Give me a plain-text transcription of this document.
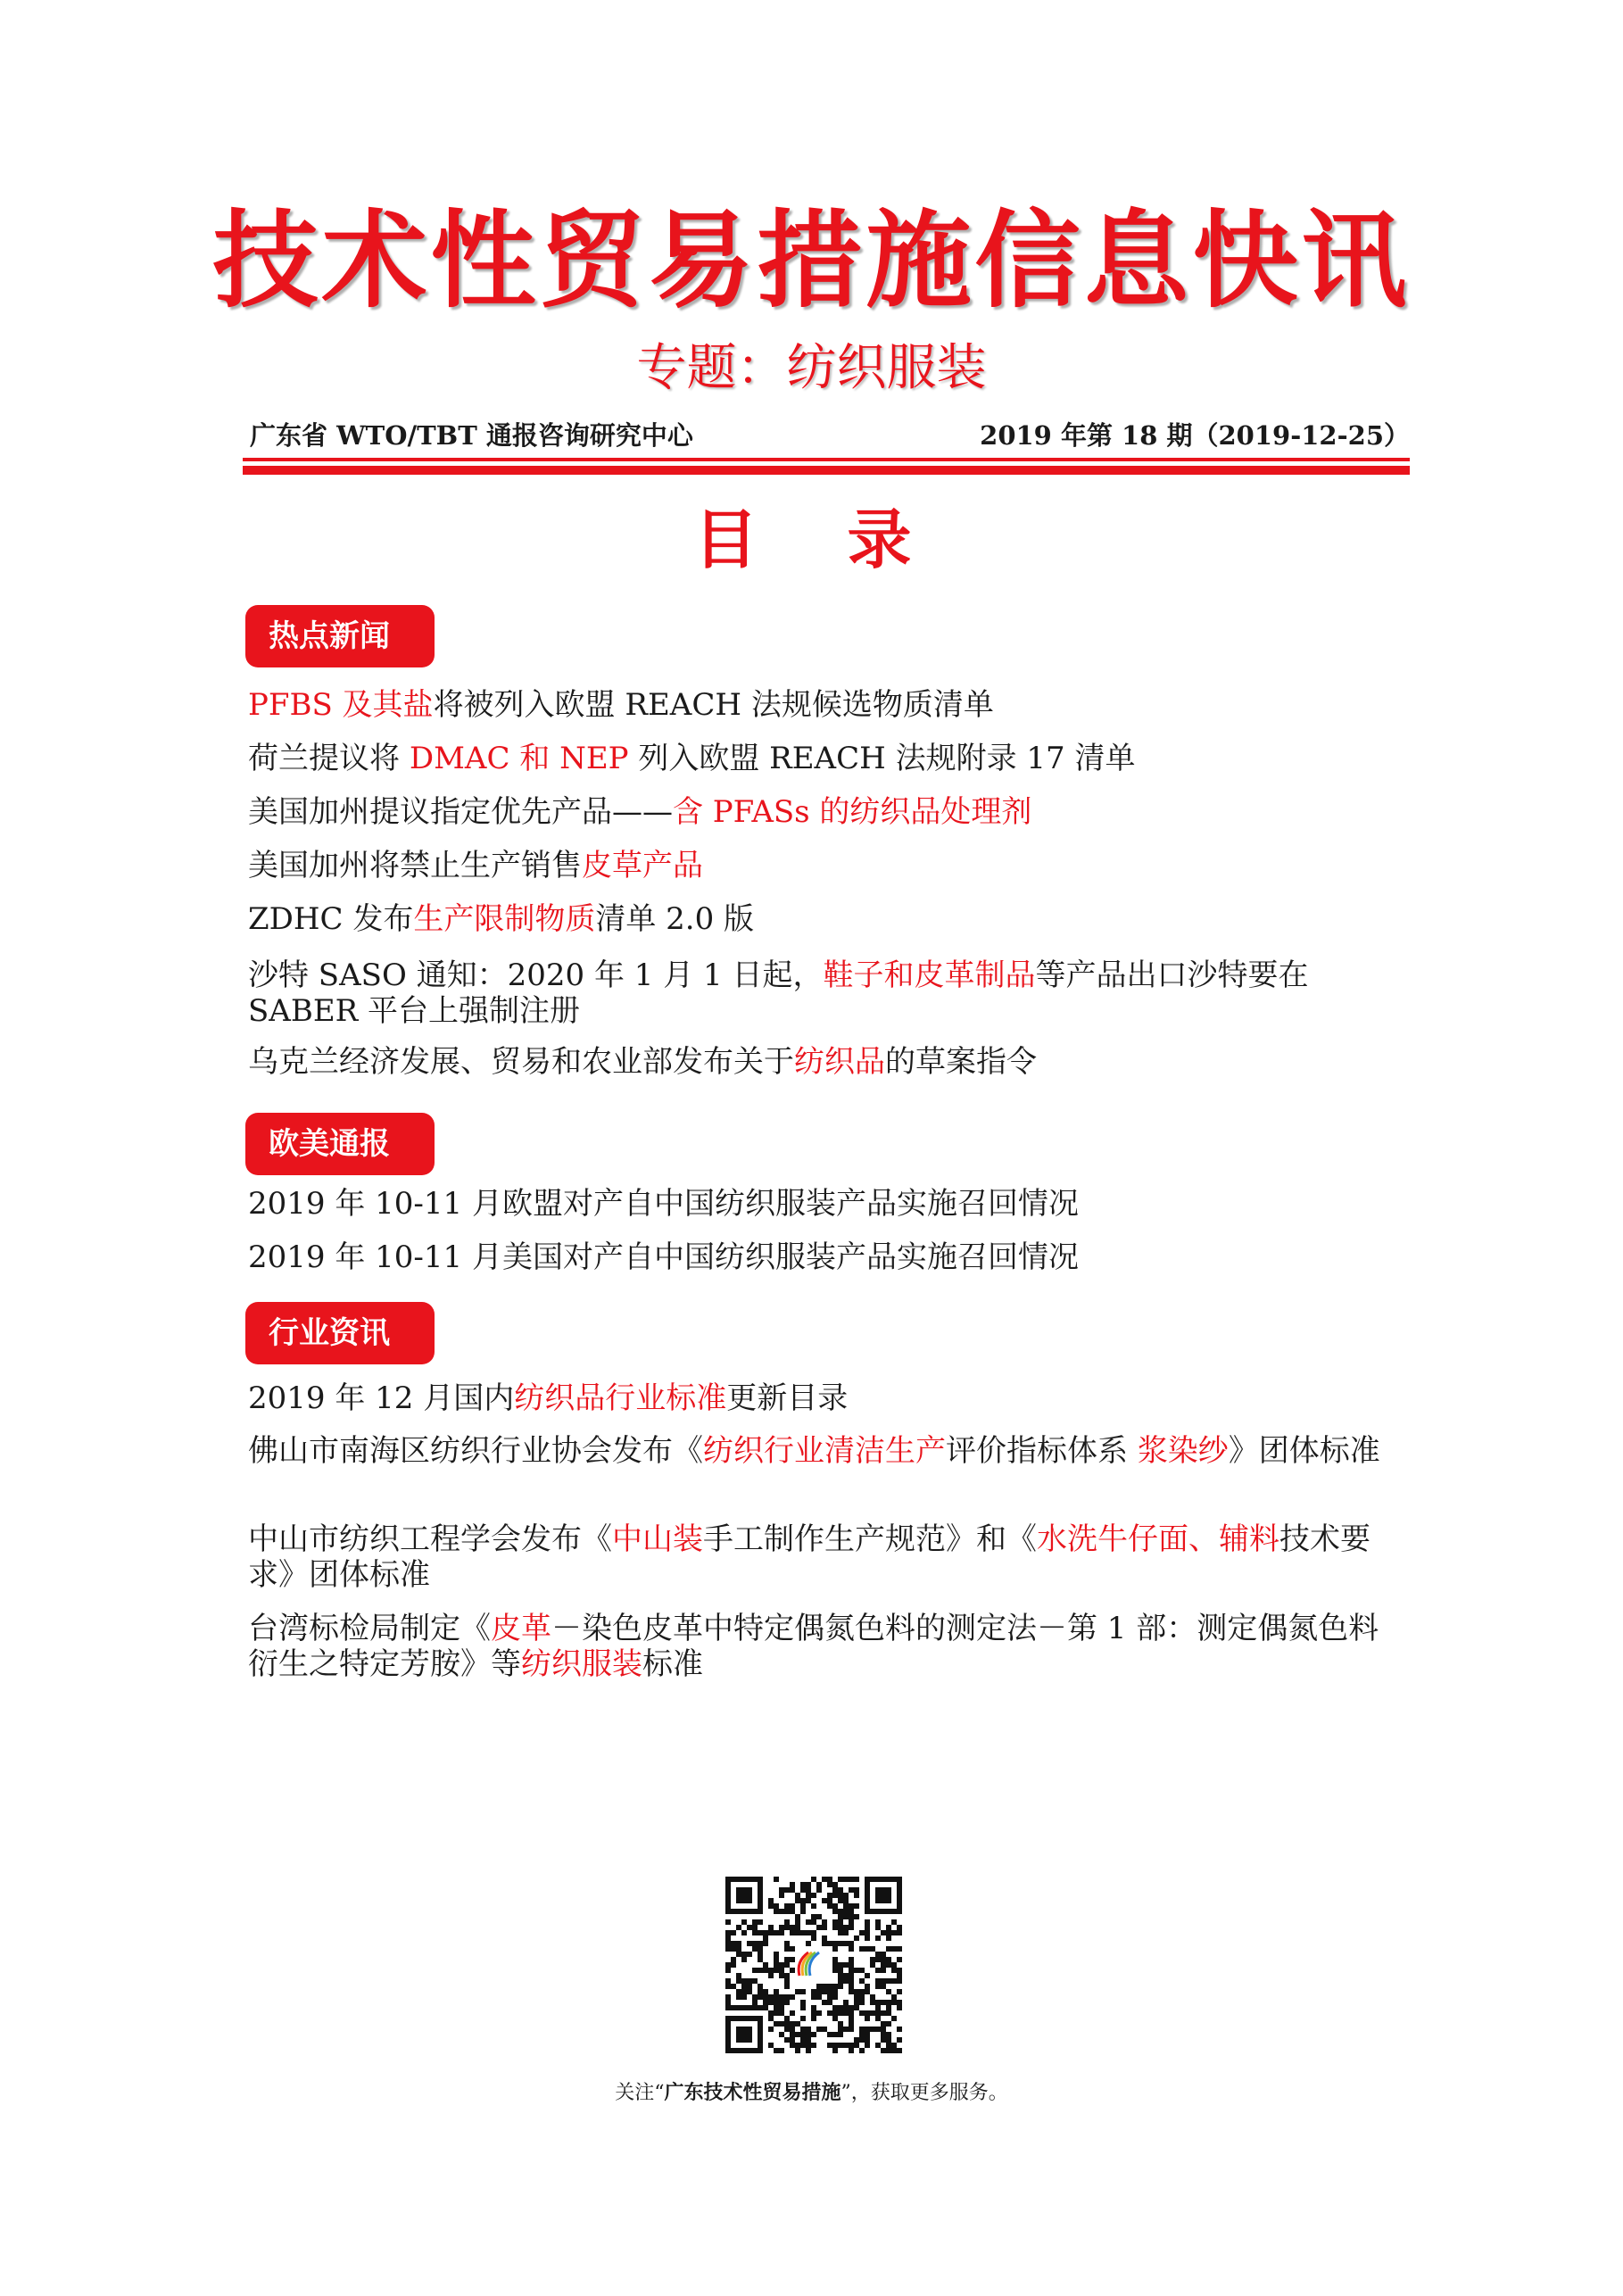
技术性贸易措施信息快讯
专题：纺织服装
广东省 WTO/TBT 通报咨询研究中心	2019 年第 18 期（2019-12-25）
目 录
热点新闻
PFBS 及其盐将被列入欧盟 REACH 法规候选物质清单
荷兰提议将 DMAC 和 NEP 列入欧盟 REACH 法规附录 17 清单
美国加州提议指定优先产品——含 PFASs 的纺织品处理剂
美国加州将禁止生产销售皮草产品
ZDHC 发布生产限制物质清单 2.0 版
沙特 SASO 通知：2020 年 1 月 1 日起，鞋子和皮革制品等产品出口沙特要在 SABER 平台上强制注册
乌克兰经济发展、贸易和农业部发布关于纺织品的草案指令
欧美通报
2019 年 10-11 月欧盟对产自中国纺织服装产品实施召回情况
2019 年 10-11 月美国对产自中国纺织服装产品实施召回情况
行业资讯
2019 年 12 月国内纺织品行业标准更新目录
佛山市南海区纺织行业协会发布《纺织行业清洁生产评价指标体系 浆染纱》团体标准
中山市纺织工程学会发布《中山装手工制作生产规范》和《水洗牛仔面、辅料技术要求》团体标准
台湾标检局制定《皮革－染色皮革中特定偶氮色料的测定法－第 1 部：测定偶氮色料衍生之特定芳胺》等纺织服装标准
关注“广东技术性贸易措施”，获取更多服务。
